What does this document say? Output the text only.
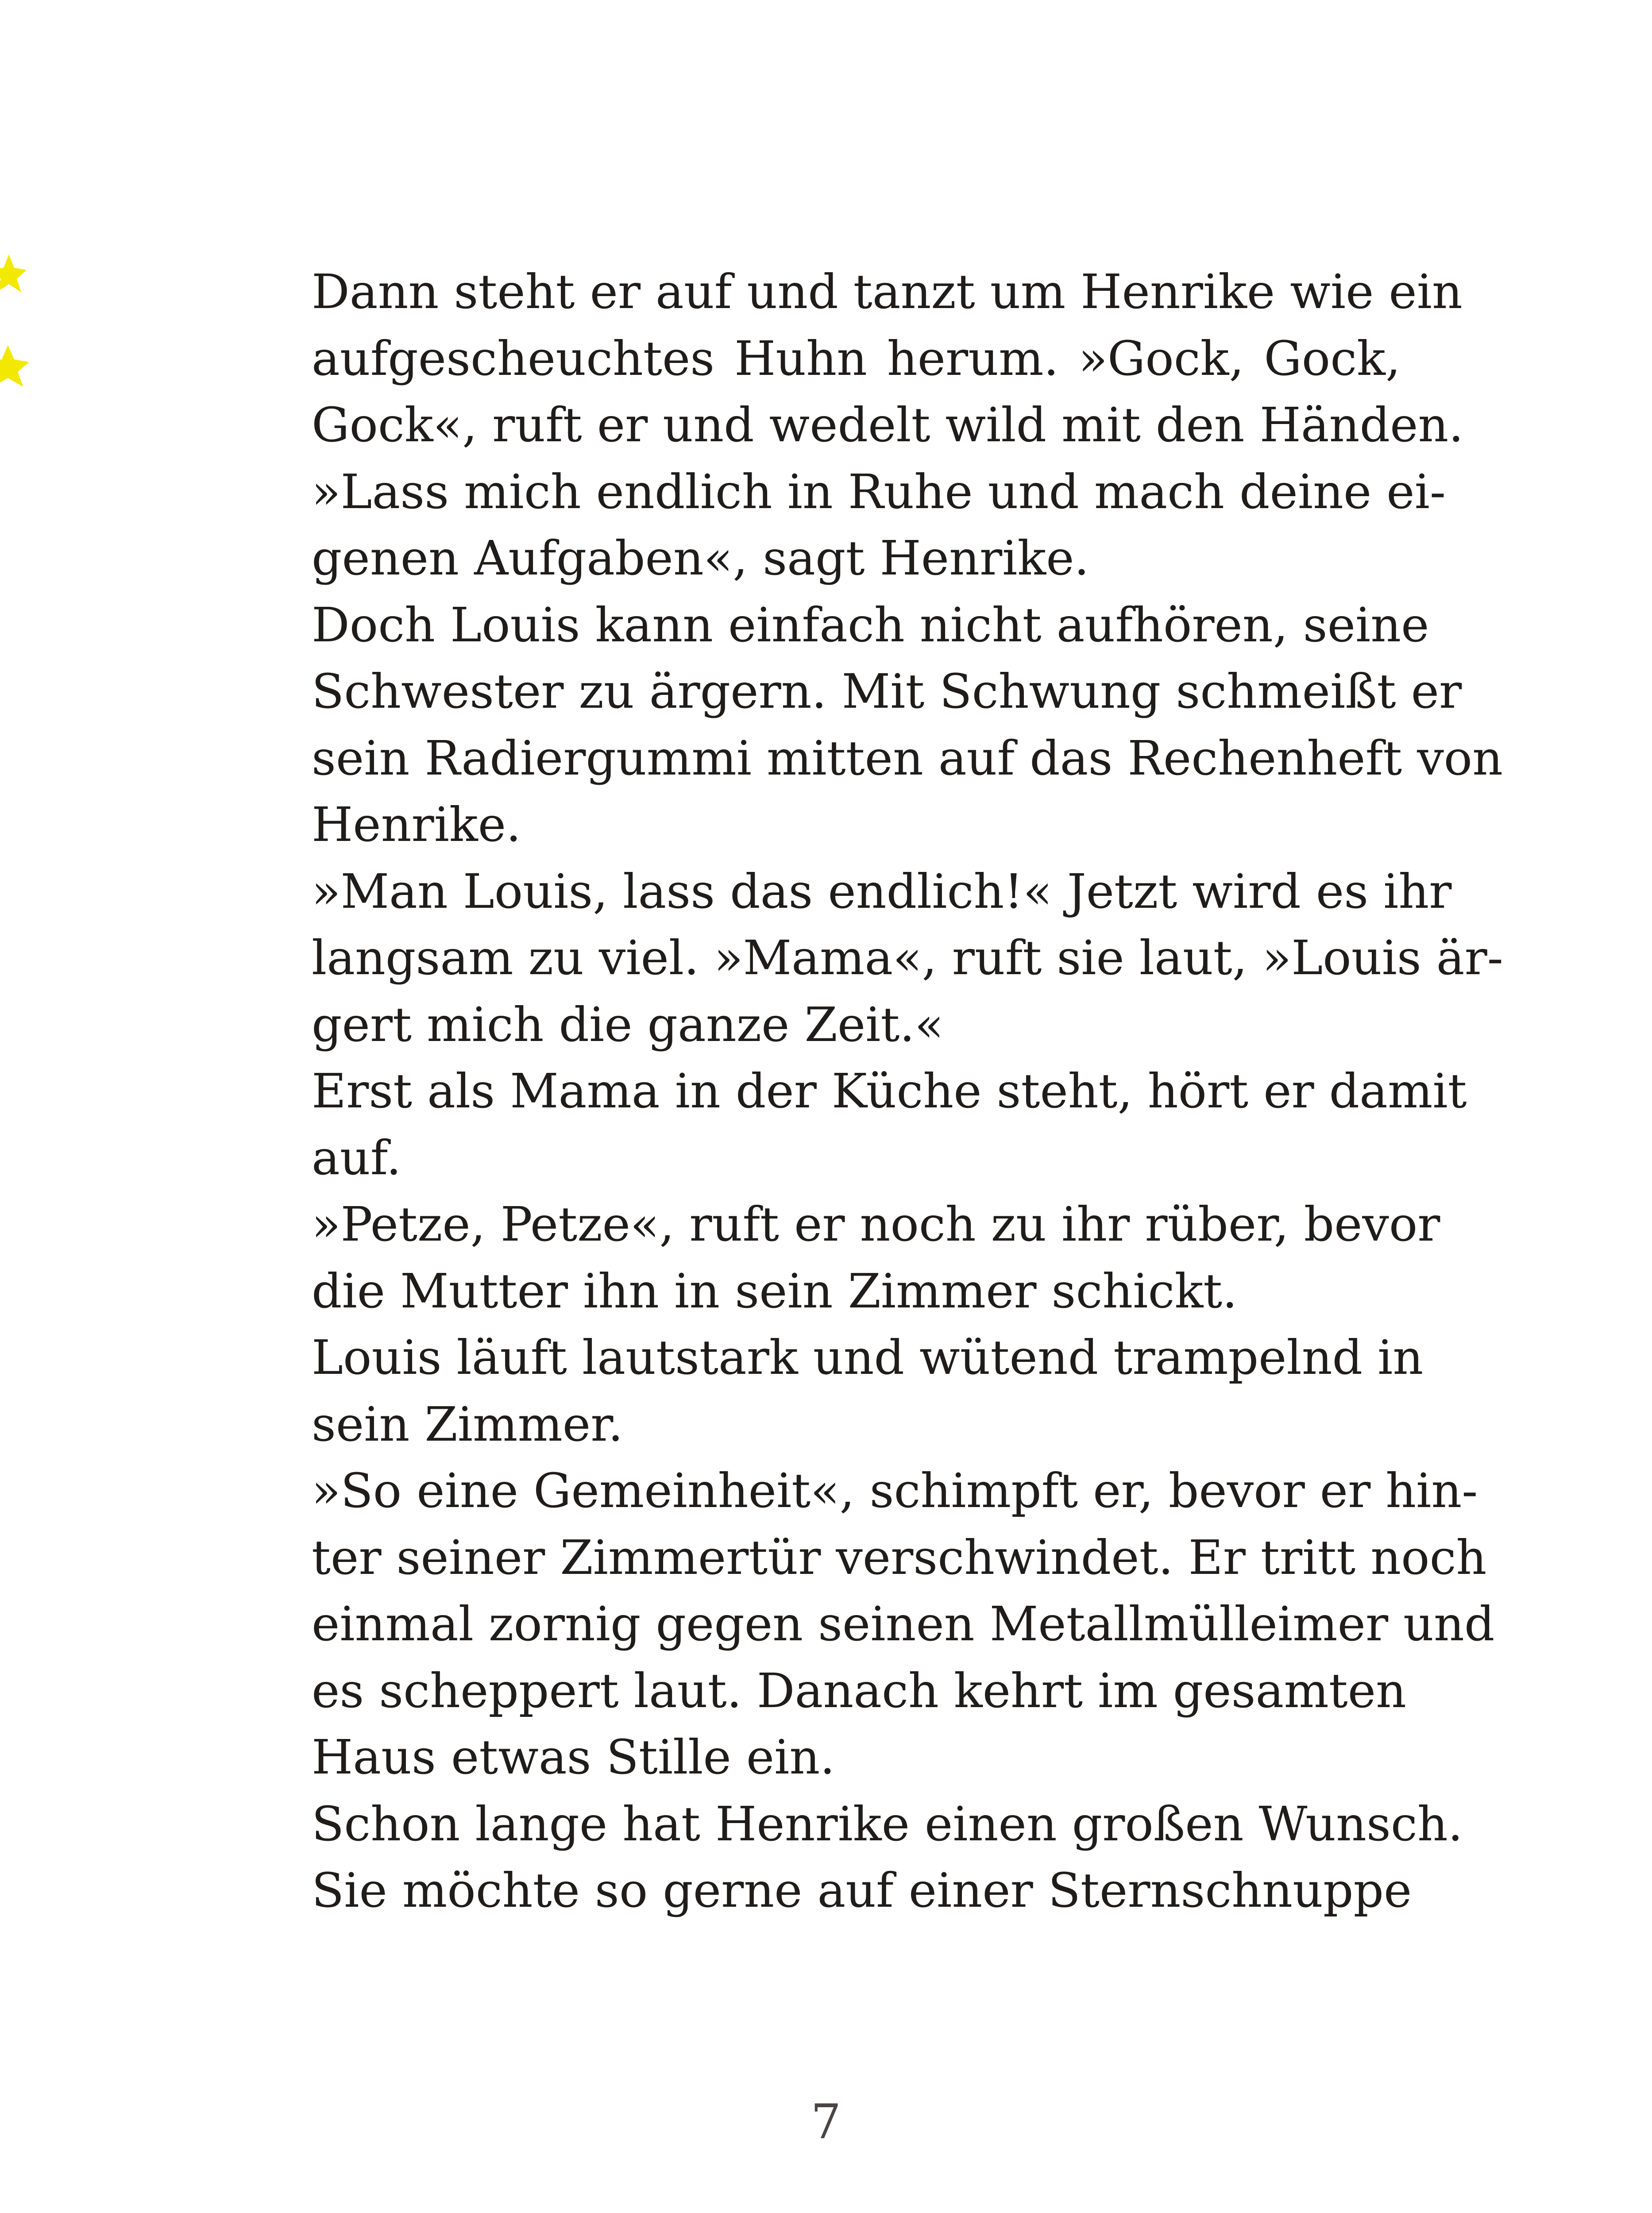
Dann steht er auf und tanzt um Henrike wie ein
aufgescheuchtes Huhn herum. »Gock, Gock,
Gock«, ruft er und wedelt wild mit den Händen.
»Lass mich endlich in Ruhe und mach deine ei-
genen Aufgaben«, sagt Henrike.
Doch Louis kann einfach nicht aufhören, seine
Schwester zu ärgern. Mit Schwung schmeißt er
sein Radiergummi mitten auf das Rechenheft von
Henrike.
»Man Louis, lass das endlich!« Jetzt wird es ihr
langsam zu viel. »Mama«, ruft sie laut, »Louis är-
gert mich die ganze Zeit.«
Erst als Mama in der Küche steht, hört er damit
auf.
»Petze, Petze«, ruft er noch zu ihr rüber, bevor
die Mutter ihn in sein Zimmer schickt.
Louis läuft lautstark und wütend trampelnd in
sein Zimmer.
»So eine Gemeinheit«, schimpft er, bevor er hin-
ter seiner Zimmertür verschwindet. Er tritt noch
einmal zornig gegen seinen Metallmülleimer und
es scheppert laut. Danach kehrt im gesamten
Haus etwas Stille ein.
Schon lange hat Henrike einen großen Wunsch.
Sie möchte so gerne auf einer Sternschnuppe
7
